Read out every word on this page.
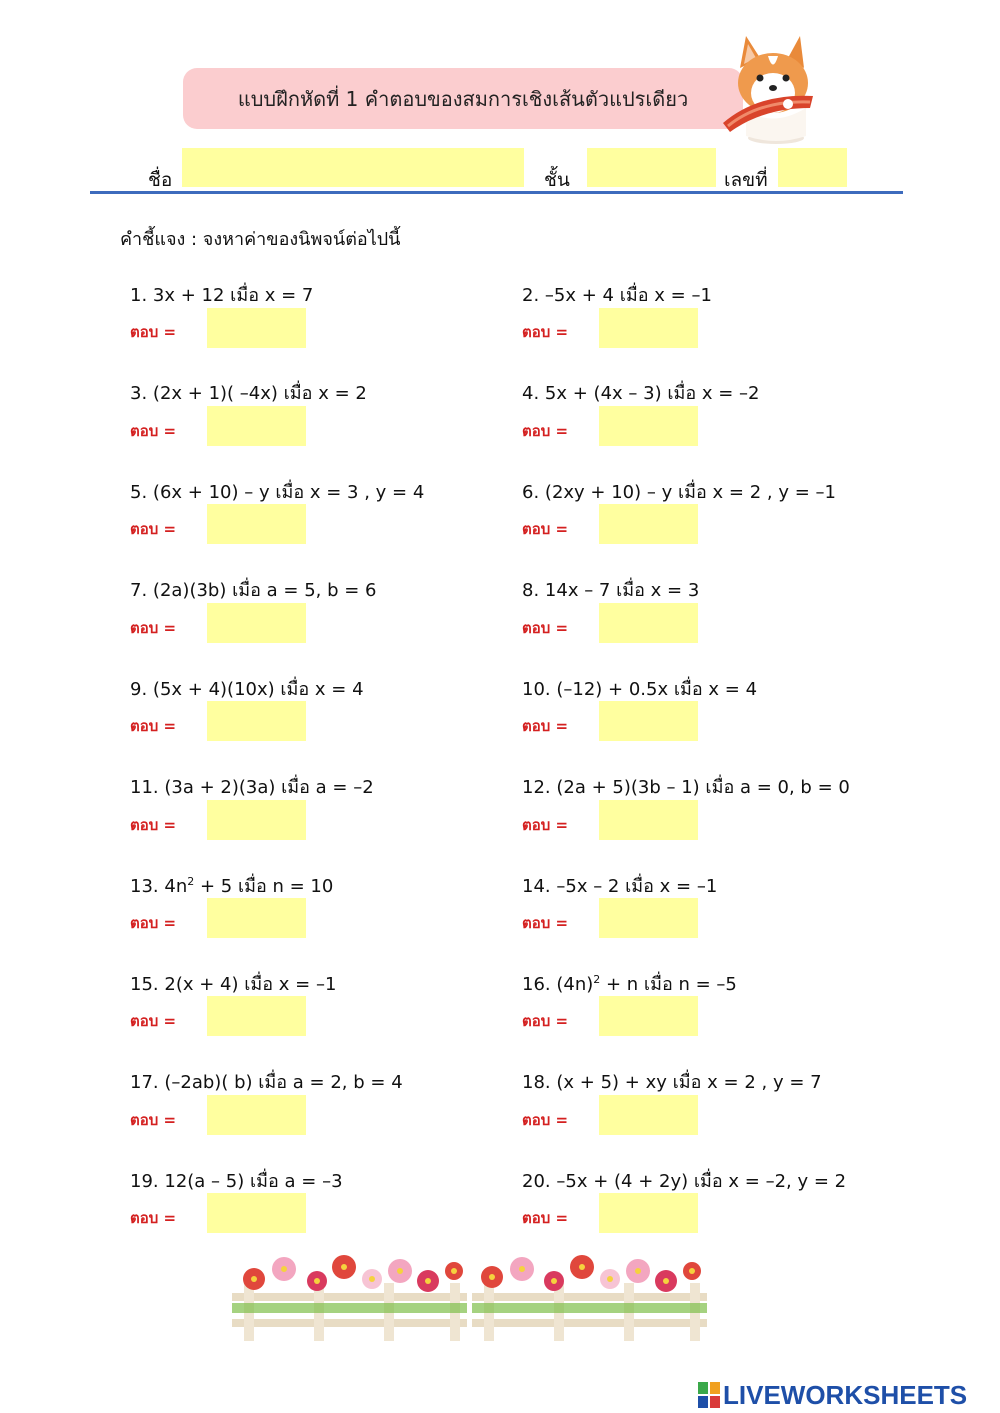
แบบฝึกหัดที่ 1 คำตอบของสมการเชิงเส้นตัวแปรเดียว
ชื่อ	ชั้น	เลขที่
คำชี้แจง : จงหาค่าของนิพจน์ต่อไปนี้
1. 3x + 12 เมื่อ x = 7
ตอบ =
3. (2x + 1)( –4x) เมื่อ x = 2
ตอบ =
5. (6x + 10) – y เมื่อ x = 3 , y = 4
ตอบ =
7. (2a)(3b) เมื่อ a = 5, b = 6
ตอบ =
9. (5x + 4)(10x) เมื่อ x = 4
ตอบ =
11. (3a + 2)(3a) เมื่อ a = –2
ตอบ =
13. $4n^2 + 5$ เมื่อ n = 10
ตอบ =
15. 2(x + 4) เมื่อ x = –1
ตอบ =
17. (–2ab)( b) เมื่อ a = 2, b = 4
ตอบ =
19. 12(a – 5) เมื่อ a = –3
ตอบ =
2. –5x + 4 เมื่อ x = –1
ตอบ =
4. 5x + (4x – 3) เมื่อ x = –2
ตอบ =
6. (2xy + 10) – y เมื่อ x = 2 , y = –1
ตอบ =
8. 14x – 7 เมื่อ x = 3
ตอบ =
10. (–12) + 0.5x เมื่อ x = 4
ตอบ =
12. (2a + 5)(3b – 1) เมื่อ a = 0, b = 0
ตอบ =
14. –5x – 2 เมื่อ x = –1
ตอบ =
16. $(4n)^2 + n$ เมื่อ n = –5
ตอบ =
18. (x + 5) + xy เมื่อ x = 2 , y = 7
ตอบ =
20. –5x + (4 + 2y) เมื่อ x = –2, y = 2
ตอบ =
LIVEWORKSHEETS
